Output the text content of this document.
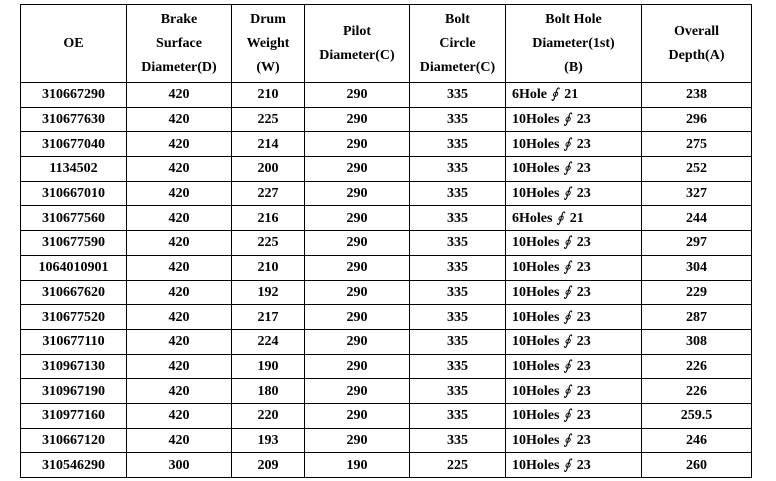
OE	Brake
Surface
Diameter(D)	Drum
Weight
(W)	Pilot
Diameter(C)	Bolt
Circle
Diameter(C)	Bolt Hole
Diameter(1st)
(B)	Overall
Depth(A)

310667290	420	210	290	335	6Hole ∮ 21	238
310677630	420	225	290	335	10Holes ∮ 23	296
310677040	420	214	290	335	10Holes ∮ 23	275
1134502	420	200	290	335	10Holes ∮ 23	252
310667010	420	227	290	335	10Holes ∮ 23	327
310677560	420	216	290	335	6Holes ∮ 21	244
310677590	420	225	290	335	10Holes ∮ 23	297
1064010901	420	210	290	335	10Holes ∮ 23	304
310667620	420	192	290	335	10Holes ∮ 23	229
310677520	420	217	290	335	10Holes ∮ 23	287
310677110	420	224	290	335	10Holes ∮ 23	308
310967130	420	190	290	335	10Holes ∮ 23	226
310967190	420	180	290	335	10Holes ∮ 23	226
310977160	420	220	290	335	10Holes ∮ 23	259.5
310667120	420	193	290	335	10Holes ∮ 23	246
310546290	300	209	190	225	10Holes ∮ 23	260
